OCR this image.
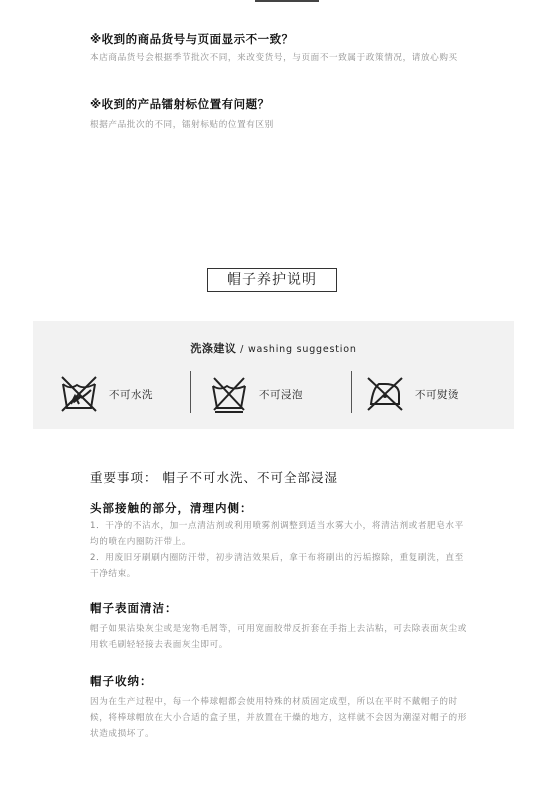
※收到的商品货号与页面显示不一致？

本店商品货号会根据季节批次不同，来改变货号，与页面不一致属于政策情况，请放心购买

※收到的产品镭射标位置有问题？

根据产品批次的不同，镭射标贴的位置有区别

帽子养护说明
洗涤建议 / washing suggestion
不可水洗	不可浸泡	不可熨烫
重要事项： 帽子不可水洗、不可全部浸湿
头部接触的部分，清理内侧：

1．干净的不沾水，加一点清洁剂或利用喷雾剂调整到适当水雾大小，将清洁剂或者肥皂水平均的喷在内圈防汗带上。

2．用废旧牙刷刷内圈防汗带，初步清洁效果后，拿干布将刷出的污垢擦除，重复刷洗，直至干净结束。

帽子表面清洁：

帽子如果沾染灰尘或是宠物毛屑等，可用宽面胶带反折套在手指上去沾粘，可去除表面灰尘或用软毛刷轻轻接去表面灰尘即可。

帽子收纳：

因为在生产过程中，每一个棒球帽都会使用特殊的材质固定成型，所以在平时不戴帽子的时候，将棒球帽放在大小合适的盒子里，并放置在干燥的地方，这样就不会因为潮湿对帽子的形状造成损坏了。
